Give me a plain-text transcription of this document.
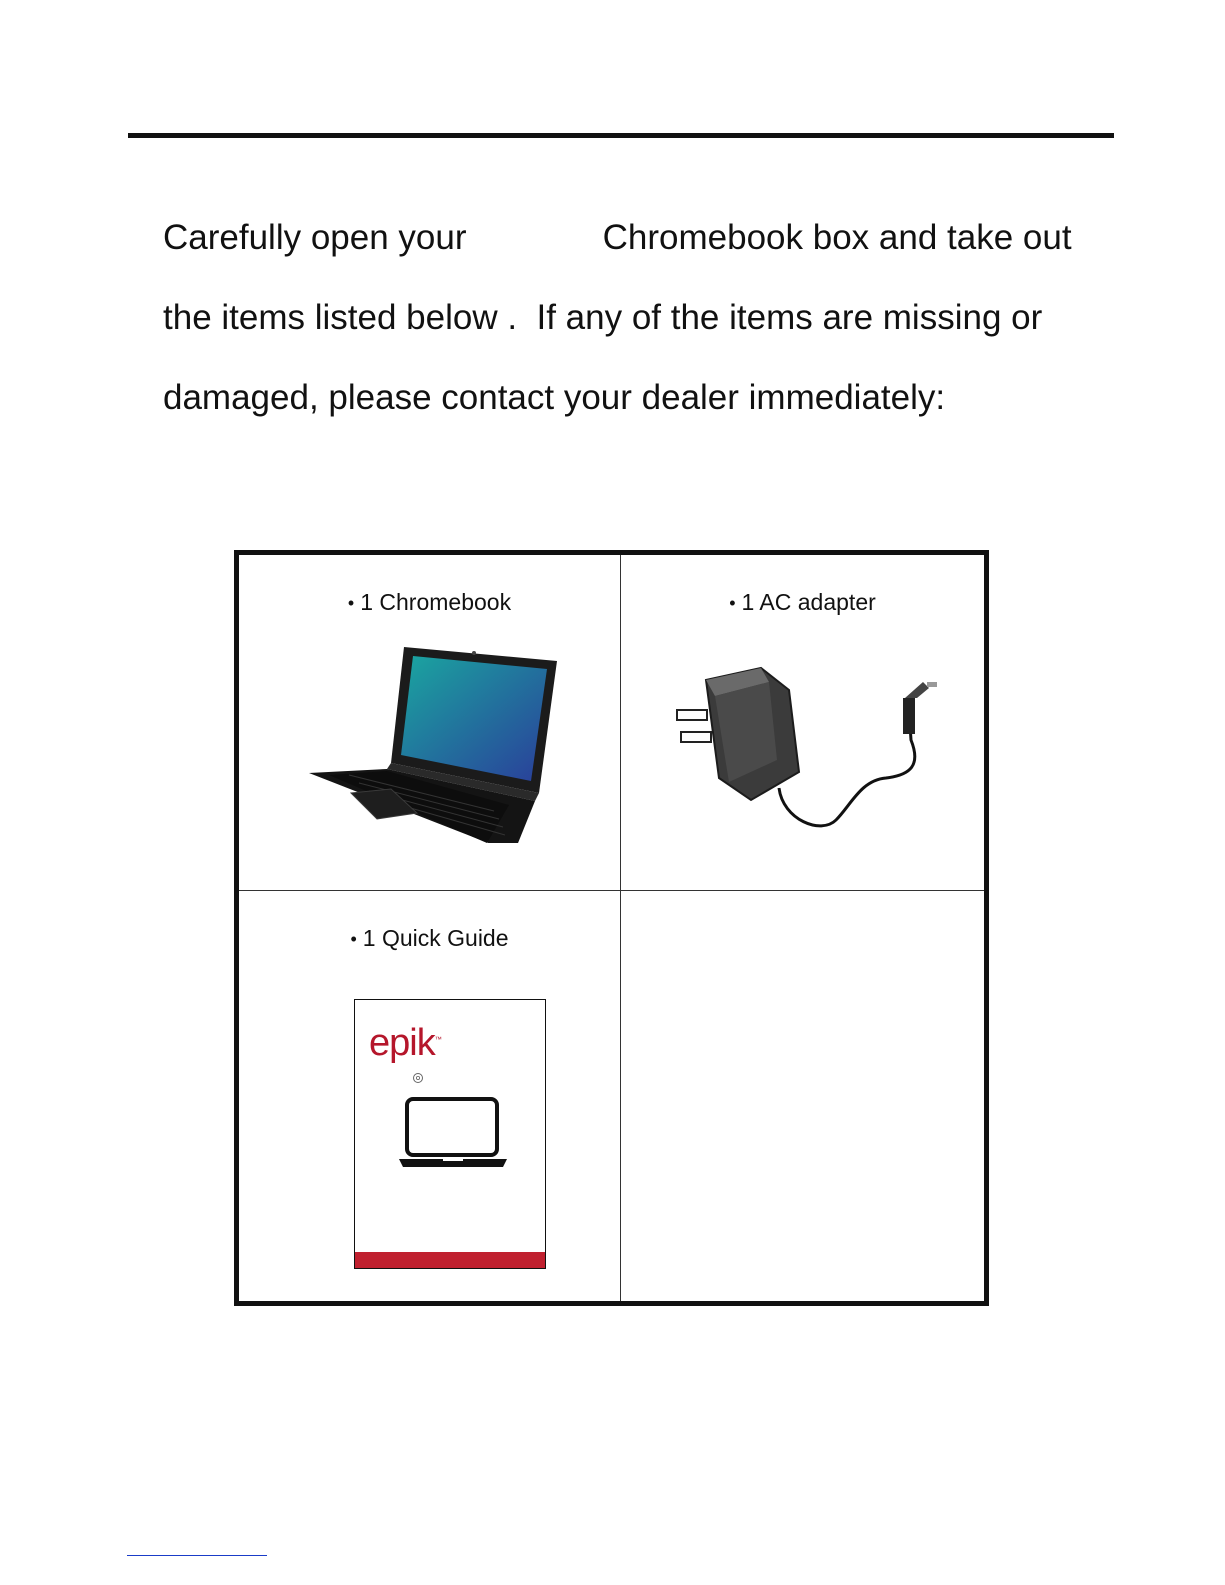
Carefully open your              Chromebook box and take out
the items listed below .  If any of the items are missing or
damaged, please contact your dealer immediately:
• 1 Chromebook	• 1 AC adapter
• 1 Quick Guide
epik™
